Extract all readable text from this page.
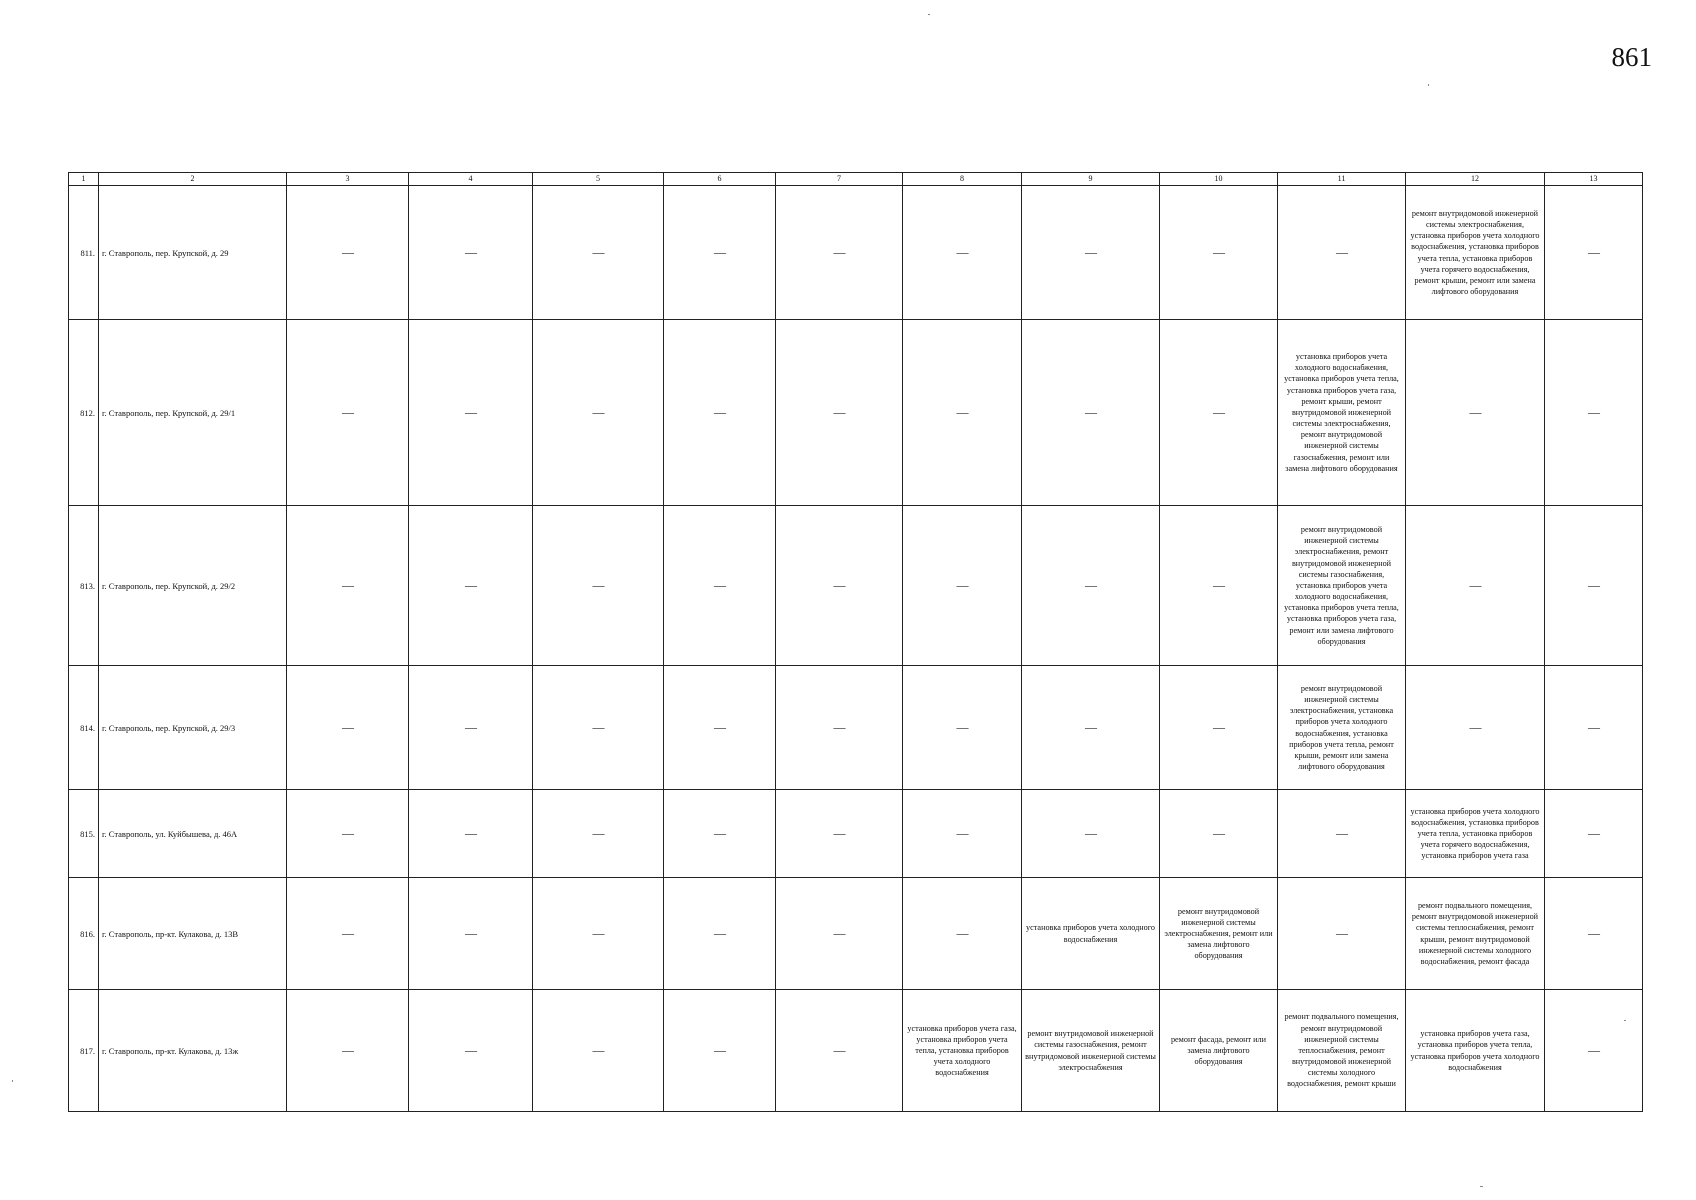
861
1	2	3	4	5	6	7	8	9	10	11	12	13
811.	г. Ставрополь, пер. Крупской, д. 29	—	—	—	—	—	—	—	—	—	ремонт внутридомовой инженерной системы электроснабжения, установка приборов учета холодного водоснабжения, установка приборов учета тепла, установка приборов учета горячего водоснабжения, ремонт крыши, ремонт или замена лифтового оборудования	—
812.	г. Ставрополь, пер. Крупской, д. 29/1	—	—	—	—	—	—	—	—	установка приборов учета холодного водоснабжения, установка приборов учета тепла, установка приборов учета газа, ремонт крыши, ремонт внутридомовой инженерной системы электроснабжения, ремонт внутридомовой инженерной системы газоснабжения, ремонт или замена лифтового оборудования	—	—
813.	г. Ставрополь, пер. Крупской, д. 29/2	—	—	—	—	—	—	—	—	ремонт внутридомовой инженерной системы электроснабжения, ремонт внутридомовой инженерной системы газоснабжения, установка приборов учета холодного водоснабжения, установка приборов учета тепла, установка приборов учета газа, ремонт или замена лифтового оборудования	—	—
814.	г. Ставрополь, пер. Крупской, д. 29/3	—	—	—	—	—	—	—	—	ремонт внутридомовой инженерной системы электроснабжения, установка приборов учета холодного водоснабжения, установка приборов учета тепла, ремонт крыши, ремонт или замена лифтового оборудования	—	—
815.	г. Ставрополь, ул. Куйбышева, д. 46А	—	—	—	—	—	—	—	—	—	установка приборов учета холодного водоснабжения, установка приборов учета тепла, установка приборов учета горячего водоснабжения, установка приборов учета газа	—
816.	г. Ставрополь, пр-кт. Кулакова, д. 13В	—	—	—	—	—	—	установка приборов учета холодного водоснабжения	ремонт внутридомовой инженерной системы электроснабжения, ремонт или замена лифтового оборудования	—	ремонт подвального помещения, ремонт внутридомовой инженерной системы теплоснабжения, ремонт крыши, ремонт внутридомовой инженерной системы холодного водоснабжения, ремонт фасада	—
817.	г. Ставрополь, пр-кт. Кулакова, д. 13ж	—	—	—	—	—	установка приборов учета газа, установка приборов учета тепла, установка приборов учета холодного водоснабжения	ремонт внутридомовой инженерной системы газоснабжения, ремонт внутридомовой инженерной системы электроснабжения	ремонт фасада, ремонт или замена лифтового оборудования	ремонт подвального помещения, ремонт внутридомовой инженерной системы теплоснабжения, ремонт внутридомовой инженерной системы холодного водоснабжения, ремонт крыши	установка приборов учета газа, установка приборов учета тепла, установка приборов учета холодного водоснабжения	—
